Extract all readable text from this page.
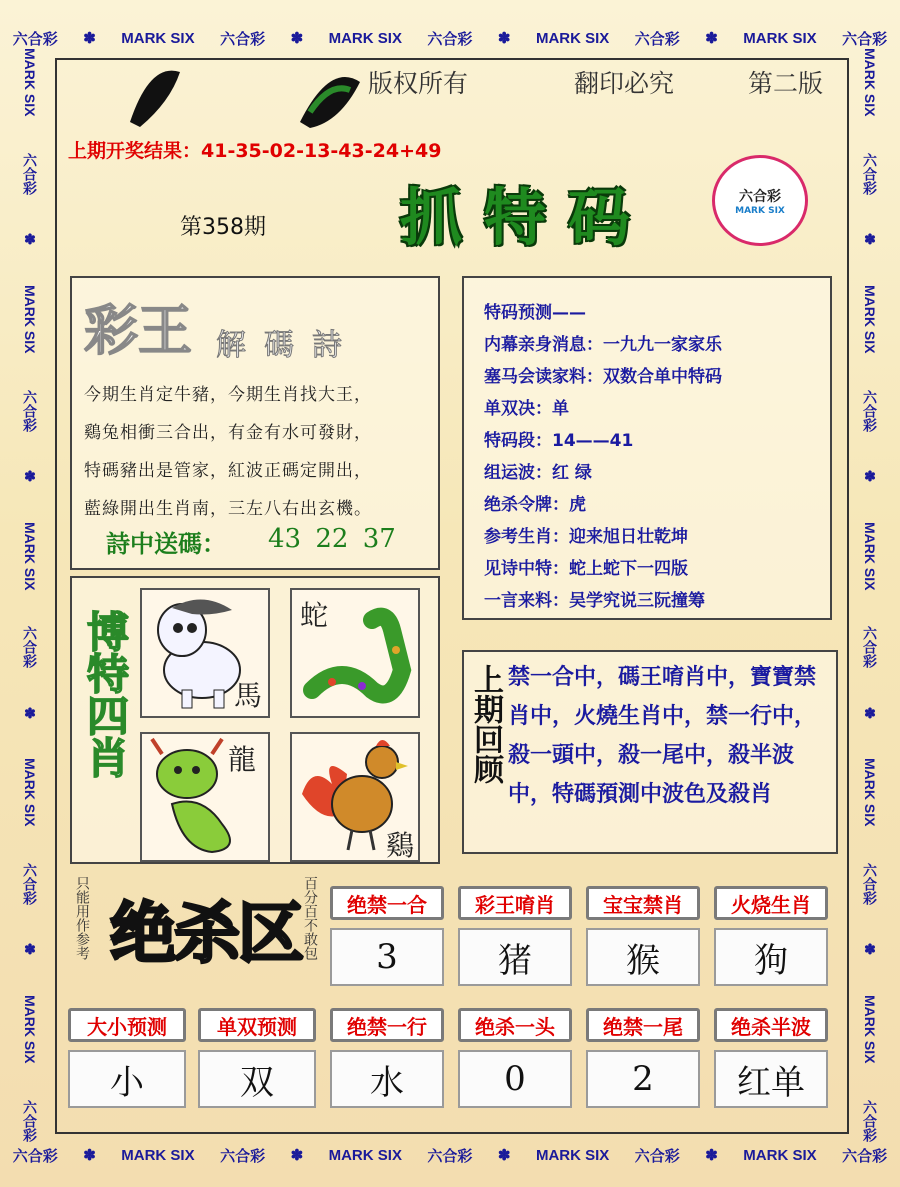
六合彩 ✽ MARK SIX 六合彩 ✽ MARK SIX 六合彩 ✽ MARK SIX 六合彩 ✽ MARK SIX 六合彩
六合彩 ✽ MARK SIX 六合彩 ✽ MARK SIX 六合彩 ✽ MARK SIX 六合彩 ✽ MARK SIX 六合彩
MARK SIX
六合彩
✽
MARK SIX
六合彩
✽
MARK SIX
六合彩
✽
MARK SIX
六合彩
✽
MARK SIX
六合彩
MARK SIX
六合彩
✽
MARK SIX
六合彩
✽
MARK SIX
六合彩
✽
MARK SIX
六合彩
✽
MARK SIX
六合彩
版权所有	翻印必究	第二版
上期开奖结果：41-35-02-13-43-24+49
第358期 抓特码	六合彩
MARK SIX
彩王 解碼詩
今期生肖定牛豬，今期生肖找大王，
鷄兔相衝三合出，有金有水可發財，
特碼豬出是管家，紅波正碼定開出，
藍綠開出生肖南，三左八右出玄機。
詩中送碼： 43 22 37
特码预测——
内幕亲身消息：一九九一家家乐
塞马会读家料：双数合单中特码
单双决：单
特码段：14——41
组运波：红 绿
绝杀令牌：虎
参考生肖：迎来旭日壮乾坤
见诗中特：蛇上蛇下一四版
一言来料：吴学究说三阮撞筹
博特四肖	馬
蛇
龍
鷄
上期回顾 禁一合中，碼王唷肖中，寶寶禁肖中，火燒生肖中，禁一行中，殺一頭中，殺一尾中，殺半波中，特碼預測中波色及殺肖
只能用作参考 绝杀区 百分百不敢包	绝禁一合	彩王唷肖	宝宝禁肖	火烧生肖
3	猪	猴	狗
大小预测	单双预测	绝禁一行	绝杀一头	绝禁一尾	绝杀半波
小	双	水	0	2	红单
